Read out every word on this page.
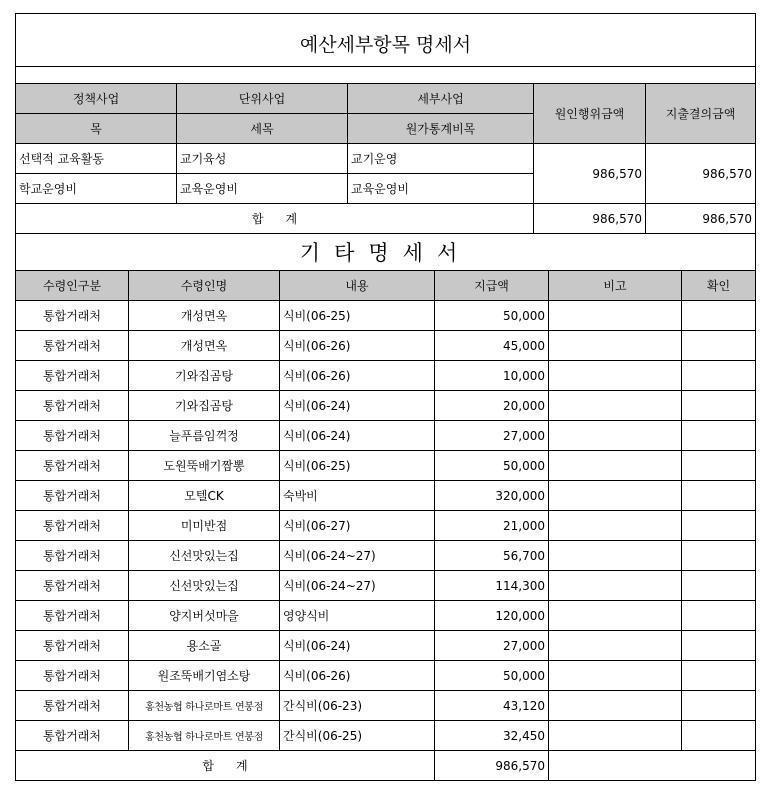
예산세부항목 명세서				

정책사업	단위사업	세부사업	원인행위금액	지출결의금액
목	세목	원가통계비목		
선택적 교육활동	교기육성	교기운영	986,570	986,570
학교운영비	교육운영비	교육운영비		
합 계			986,570	986,570
기타명세서					
수령인구분	수령인명	내용	지급액	비고	확인
통합거래처	개성면옥	식비(06-25)	50,000		
통합거래처	개성면옥	식비(06-26)	45,000		
통합거래처	기와집곰탕	식비(06-26)	10,000		
통합거래처	기와집곰탕	식비(06-24)	20,000		
통합거래처	늘푸름임꺽정	식비(06-24)	27,000		
통합거래처	도원뚝배기짬뽕	식비(06-25)	50,000		
통합거래처	모텔CK	숙박비	320,000		
통합거래처	미미반점	식비(06-27)	21,000		
통합거래처	신선맛있는집	식비(06-24~27)	56,700		
통합거래처	신선맛있는집	식비(06-24~27)	114,300		
통합거래처	양지버섯마을	영양식비	120,000		
통합거래처	용소골	식비(06-24)	27,000		
통합거래처	원조뚝배기염소탕	식비(06-26)	50,000		
통합거래처	홍천농협 하나로마트 연봉점	간식비(06-23)	43,120		
통합거래처	홍천농협 하나로마트 연봉점	간식비(06-25)	32,450		
합 계			986,570		
